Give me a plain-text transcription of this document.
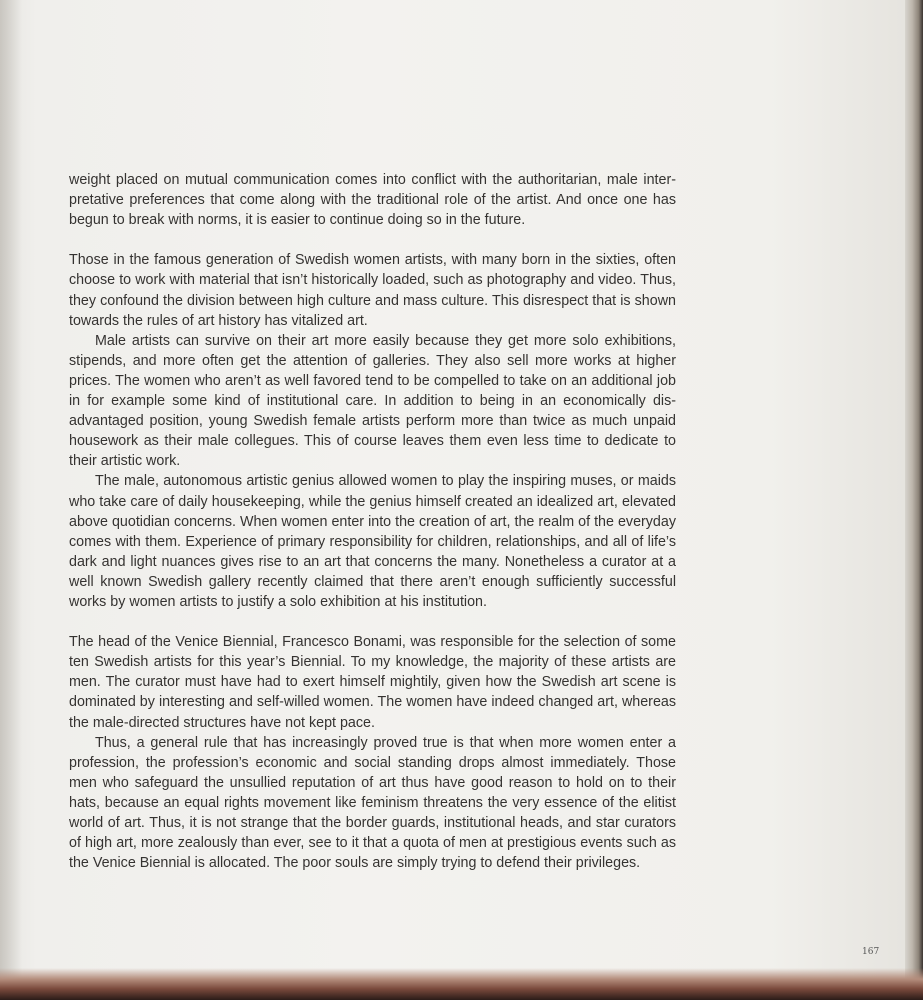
weight placed on mutual communication comes into conflict with the authoritarian, male inter-pretative preferences that come along with the traditional role of the artist. And once one has begun to break with norms, it is easier to continue doing so in the future.

Those in the famous generation of Swedish women artists, with many born in the sixties, often choose to work with material that isn’t historically loaded, such as photography and video. Thus, they confound the division between high culture and mass culture. This disrespect that is shown towards the rules of art history has vitalized art.

Male artists can survive on their art more easily because they get more solo exhibitions, stipends, and more often get the attention of galleries. They also sell more works at higher prices. The women who aren’t as well favored tend to be compelled to take on an additional job in for example some kind of institutional care. In addition to being in an economically dis-advantaged position, young Swedish female artists perform more than twice as much unpaid housework as their male collegues. This of course leaves them even less time to dedicate to their artistic work.

The male, autonomous artistic genius allowed women to play the inspiring muses, or maids who take care of daily housekeeping, while the genius himself created an idealized art, elevated above quotidian concerns. When women enter into the creation of art, the realm of the everyday comes with them. Experience of primary responsibility for children, relationships, and all of life’s dark and light nuances gives rise to an art that concerns the many. Nonetheless a curator at a well known Swedish gallery recently claimed that there aren’t enough sufficiently successful works by women artists to justify a solo exhibition at his institution.

The head of the Venice Biennial, Francesco Bonami, was responsible for the selection of some ten Swedish artists for this year’s Biennial. To my knowledge, the majority of these artists are men. The curator must have had to exert himself mightily, given how the Swedish art scene is dominated by interesting and self-willed women. The women have indeed changed art, whereas the male-directed structures have not kept pace.

Thus, a general rule that has increasingly proved true is that when more women enter a profession, the profession’s economic and social standing drops almost immediately. Those men who safeguard the unsullied reputation of art thus have good reason to hold on to their hats, because an equal rights movement like feminism threatens the very essence of the elitist world of art. Thus, it is not strange that the border guards, institutional heads, and star curators of high art, more zealously than ever, see to it that a quota of men at prestigious events such as the Venice Biennial is allocated. The poor souls are simply trying to defend their privileges.

167
